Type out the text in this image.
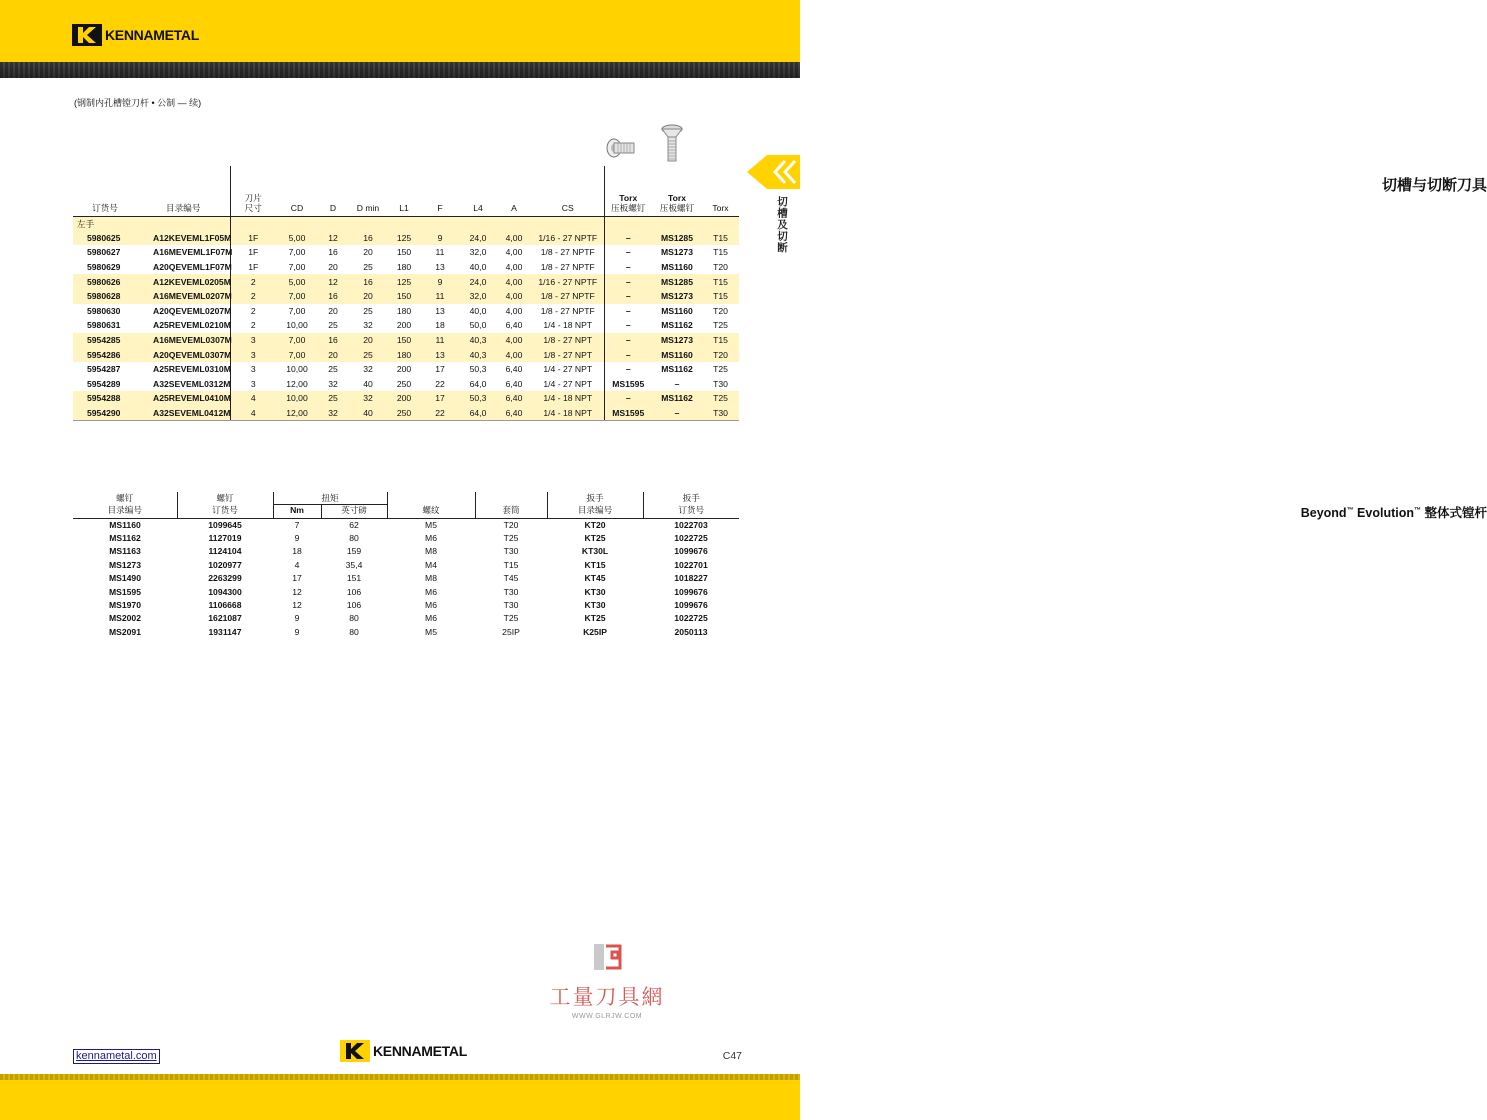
KENNAMETAL
切槽与切断刀具
Beyond™ Evolution™ 整体式镗杆
(钢制内孔槽镗刀杆 • 公制 — 续)
切槽及切断
订货号	目录编号	刀片
尺寸	CD	D	D min	L1	F	L4	A	CS	Torx
压板螺钉	Torx
压板螺钉	Torx
左手													
5980625	A12KEVEML1F05M	1F	5,00	12	16	125	9	24,0	4,00	1/16 - 27 NPTF	–	MS1285	T15
5980627	A16MEVEML1F07M	1F	7,00	16	20	150	11	32,0	4,00	1/8 - 27 NPTF	–	MS1273	T15
5980629	A20QEVEML1F07M	1F	7,00	20	25	180	13	40,0	4,00	1/8 - 27 NPTF	–	MS1160	T20
5980626	A12KEVEML0205M	2	5,00	12	16	125	9	24,0	4,00	1/16 - 27 NPTF	–	MS1285	T15
5980628	A16MEVEML0207M	2	7,00	16	20	150	11	32,0	4,00	1/8 - 27 NPTF	–	MS1273	T15
5980630	A20QEVEML0207M	2	7,00	20	25	180	13	40,0	4,00	1/8 - 27 NPTF	–	MS1160	T20
5980631	A25REVEML0210M	2	10,00	25	32	200	18	50,0	6,40	1/4 - 18 NPT	–	MS1162	T25
5954285	A16MEVEML0307M	3	7,00	16	20	150	11	40,3	4,00	1/8 - 27 NPT	–	MS1273	T15
5954286	A20QEVEML0307M	3	7,00	20	25	180	13	40,3	4,00	1/8 - 27 NPT	–	MS1160	T20
5954287	A25REVEML0310M	3	10,00	25	32	200	17	50,3	6,40	1/4 - 27 NPT	–	MS1162	T25
5954289	A32SEVEML0312M	3	12,00	32	40	250	22	64,0	6,40	1/4 - 27 NPT	MS1595	–	T30
5954288	A25REVEML0410M	4	10,00	25	32	200	17	50,3	6,40	1/4 - 18 NPT	–	MS1162	T25
5954290	A32SEVEML0412M	4	12,00	32	40	250	22	64,0	6,40	1/4 - 18 NPT	MS1595	–	T30
螺钉	螺钉	扭矩				扳手	扳手
目录编号	订货号	Nm	英寸磅	螺纹	套筒	目录编号	订货号
MS1160	1099645	7	62	M5	T20	KT20	1022703
MS1162	1127019	9	80	M6	T25	KT25	1022725
MS1163	1124104	18	159	M8	T30	KT30L	1099676
MS1273	1020977	4	35,4	M4	T15	KT15	1022701
MS1490	2263299	17	151	M8	T45	KT45	1018227
MS1595	1094300	12	106	M6	T30	KT30	1099676
MS1970	1106668	12	106	M6	T30	KT30	1099676
MS2002	1621087	9	80	M6	T25	KT25	1022725
MS2091	1931147	9	80	M5	25IP	K25IP	2050113
工量刀具網
WWW.GLRJW.COM
kennametal.com	KENNAMETAL	C47
